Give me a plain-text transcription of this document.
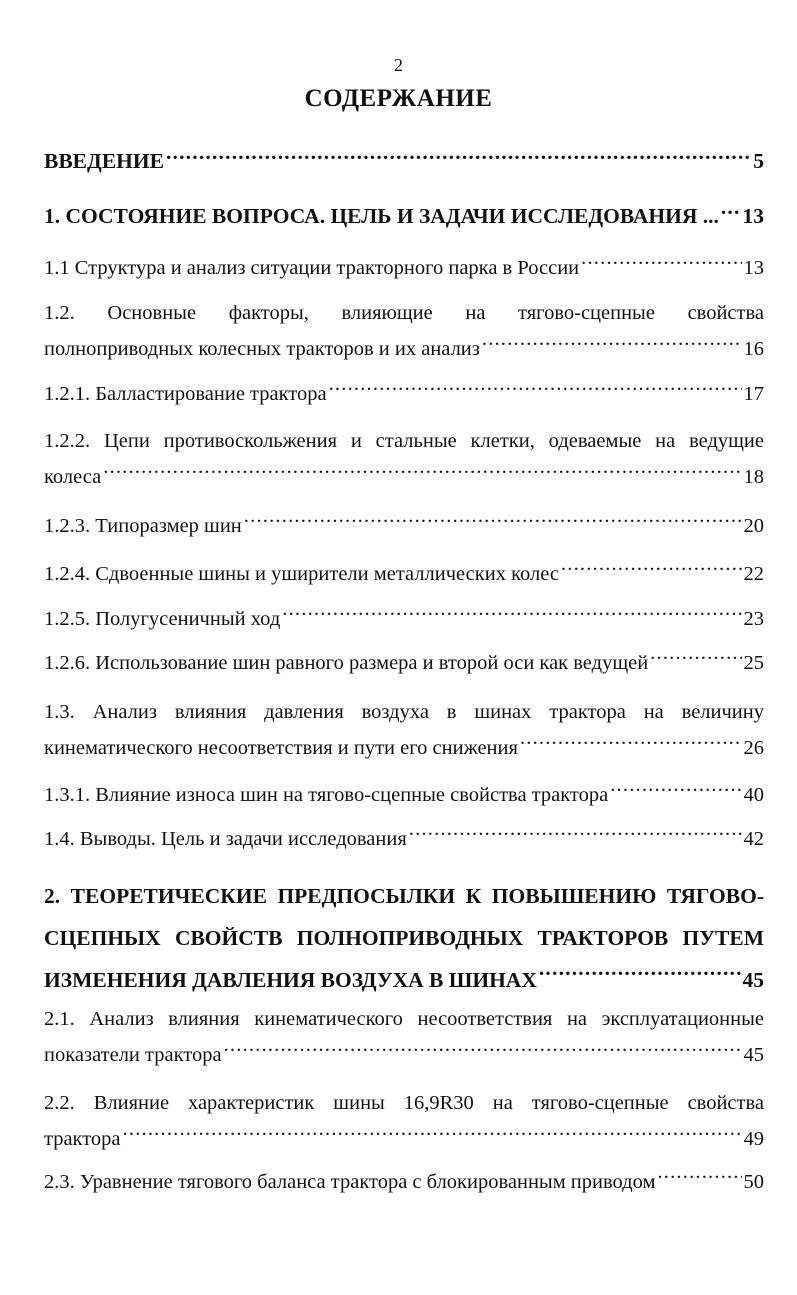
2
СОДЕРЖАНИЕ
ВВЕДЕНИЕ .....	5
1. СОСТОЯНИЕ ВОПРОСА. ЦЕЛЬ И ЗАДАЧИ ИССЛЕДОВАНИЯ ... ..... 13
1.1 Структура и анализ ситуации тракторного парка в России .....	13
1.2. Основные факторы, влияющие на тягово-сцепные свойства
полноприводных колесных тракторов и их анализ .....	16
1.2.1. Балластирование трактора .....	17
1.2.2. Цепи противоскольжения и стальные клетки, одеваемые на ведущие
колеса .....	18
1.2.3. Типоразмер шин .....	20
1.2.4. Сдвоенные шины и уширители металлических колес .....	22
1.2.5. Полугусеничный ход .....	23
1.2.6. Использование шин равного размера и второй оси как ведущей .....	25
1.3. Анализ влияния давления воздуха в шинах трактора на величину
кинематического несоответствия и пути его снижения .....	26
1.3.1. Влияние износа шин на тягово-сцепные свойства трактора .....	40
1.4. Выводы. Цель и задачи исследования .....	42
2. ТЕОРЕТИЧЕСКИЕ ПРЕДПОСЫЛКИ К ПОВЫШЕНИЮ ТЯГОВО-
СЦЕПНЫХ СВОЙСТВ ПОЛНОПРИВОДНЫХ ТРАКТОРОВ ПУТЕМ
ИЗМЕНЕНИЯ ДАВЛЕНИЯ ВОЗДУХА В ШИНАХ .....	45
2.1. Анализ влияния кинематического несоответствия на эксплуатационные
показатели трактора .....	45
2.2. Влияние характеристик шины 16,9R30 на тягово-сцепные свойства
трактора .....	49
2.3. Уравнение тягового баланса трактора с блокированным приводом .....	50
